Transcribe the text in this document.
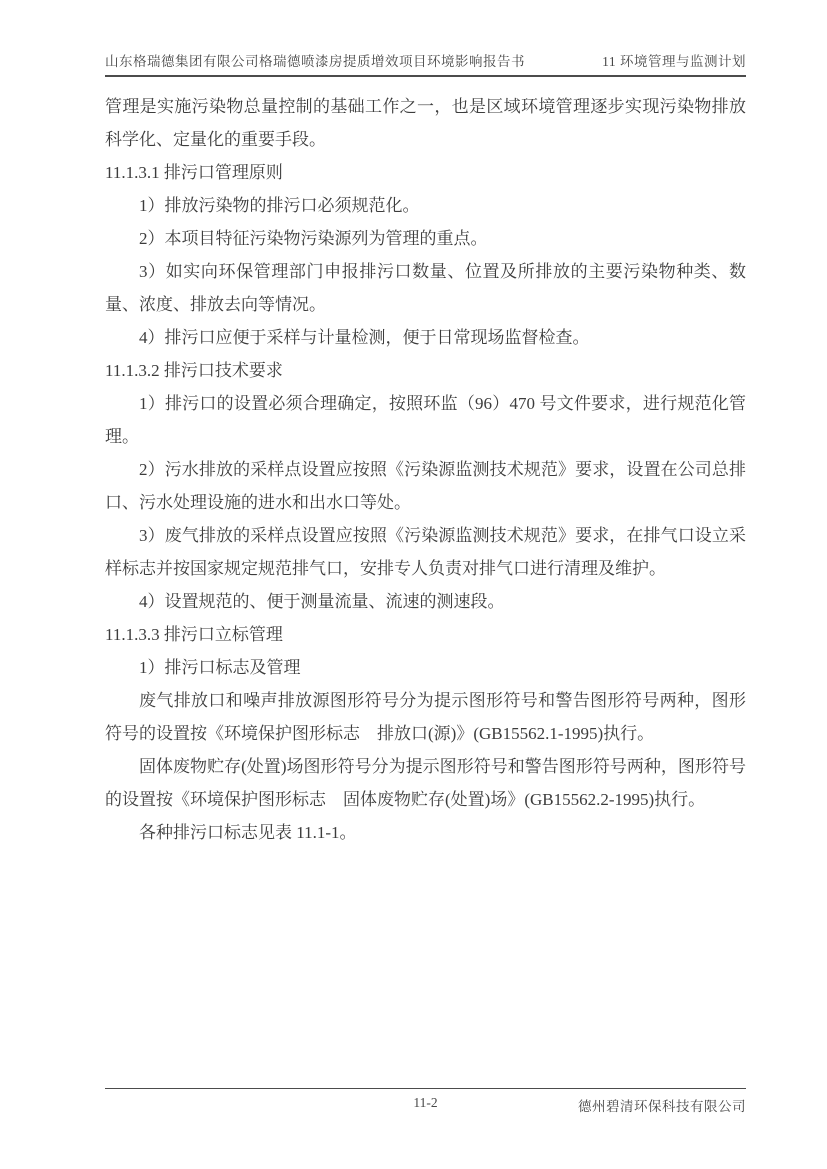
山东格瑞德集团有限公司格瑞德喷漆房提质增效项目环境影响报告书	11 环境管理与监测计划

管理是实施污染物总量控制的基础工作之一，也是区域环境管理逐步实现污染物排放科学化、定量化的重要手段。

11.1.3.1 排污口管理原则

1）排放污染物的排污口必须规范化。

2）本项目特征污染物污染源列为管理的重点。

3）如实向环保管理部门申报排污口数量、位置及所排放的主要污染物种类、数量、浓度、排放去向等情况。

4）排污口应便于采样与计量检测，便于日常现场监督检查。

11.1.3.2 排污口技术要求

1）排污口的设置必须合理确定，按照环监（96）470 号文件要求，进行规范化管理。

2）污水排放的采样点设置应按照《污染源监测技术规范》要求，设置在公司总排口、污水处理设施的进水和出水口等处。

3）废气排放的采样点设置应按照《污染源监测技术规范》要求，在排气口设立采样标志并按国家规定规范排气口，安排专人负责对排气口进行清理及维护。

4）设置规范的、便于测量流量、流速的测速段。

11.1.3.3 排污口立标管理

1）排污口标志及管理

废气排放口和噪声排放源图形符号分为提示图形符号和警告图形符号两种，图形符号的设置按《环境保护图形标志　排放口(源)》(GB15562.1-1995)执行。

固体废物贮存(处置)场图形符号分为提示图形符号和警告图形符号两种，图形符号的设置按《环境保护图形标志　固体废物贮存(处置)场》(GB15562.2-1995)执行。

各种排污口标志见表 11.1-1。

11-2	德州碧清环保科技有限公司
